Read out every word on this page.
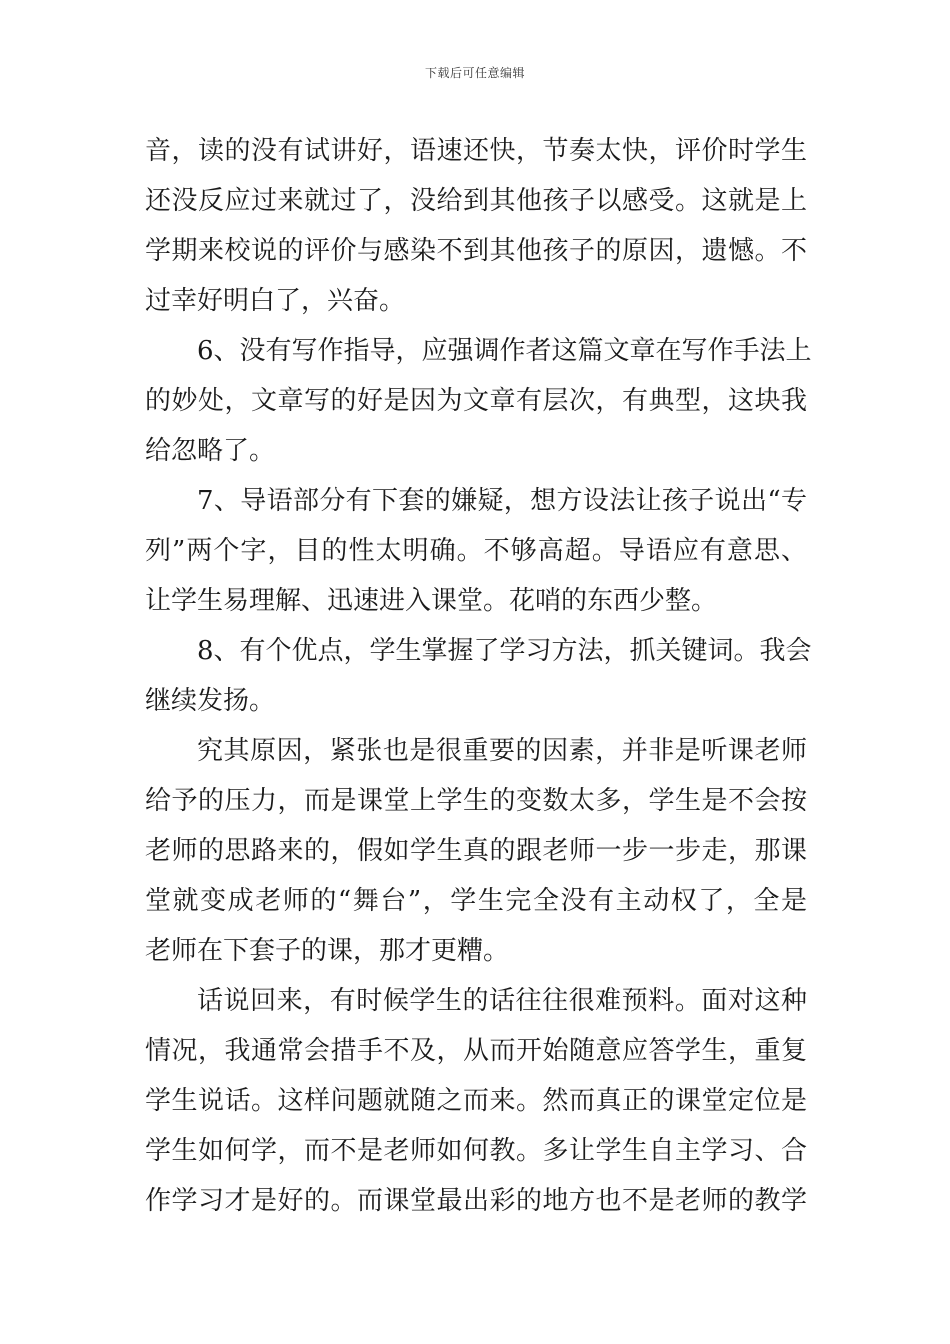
下载后可任意编辑
音，读的没有试讲好，语速还快，节奏太快，评价时学生
还没反应过来就过了，没给到其他孩子以感受。这就是上
学期来校说的评价与感染不到其他孩子的原因，遗憾。不
过幸好明白了，兴奋。
6、没有写作指导，应强调作者这篇文章在写作手法上
的妙处，文章写的好是因为文章有层次，有典型，这块我
给忽略了。
7、导语部分有下套的嫌疑，想方设法让孩子说出“专
列”两个字，目的性太明确。不够高超。导语应有意思、
让学生易理解、迅速进入课堂。花哨的东西少整。
8、有个优点，学生掌握了学习方法，抓关键词。我会
继续发扬。
究其原因，紧张也是很重要的因素，并非是听课老师
给予的压力，而是课堂上学生的变数太多，学生是不会按
老师的思路来的，假如学生真的跟老师一步一步走，那课
堂就变成老师的“舞台”，学生完全没有主动权了，全是
老师在下套子的课，那才更糟。
话说回来，有时候学生的话往往很难预料。面对这种
情况，我通常会措手不及，从而开始随意应答学生，重复
学生说话。这样问题就随之而来。然而真正的课堂定位是
学生如何学，而不是老师如何教。多让学生自主学习、合
作学习才是好的。而课堂最出彩的地方也不是老师的教学
